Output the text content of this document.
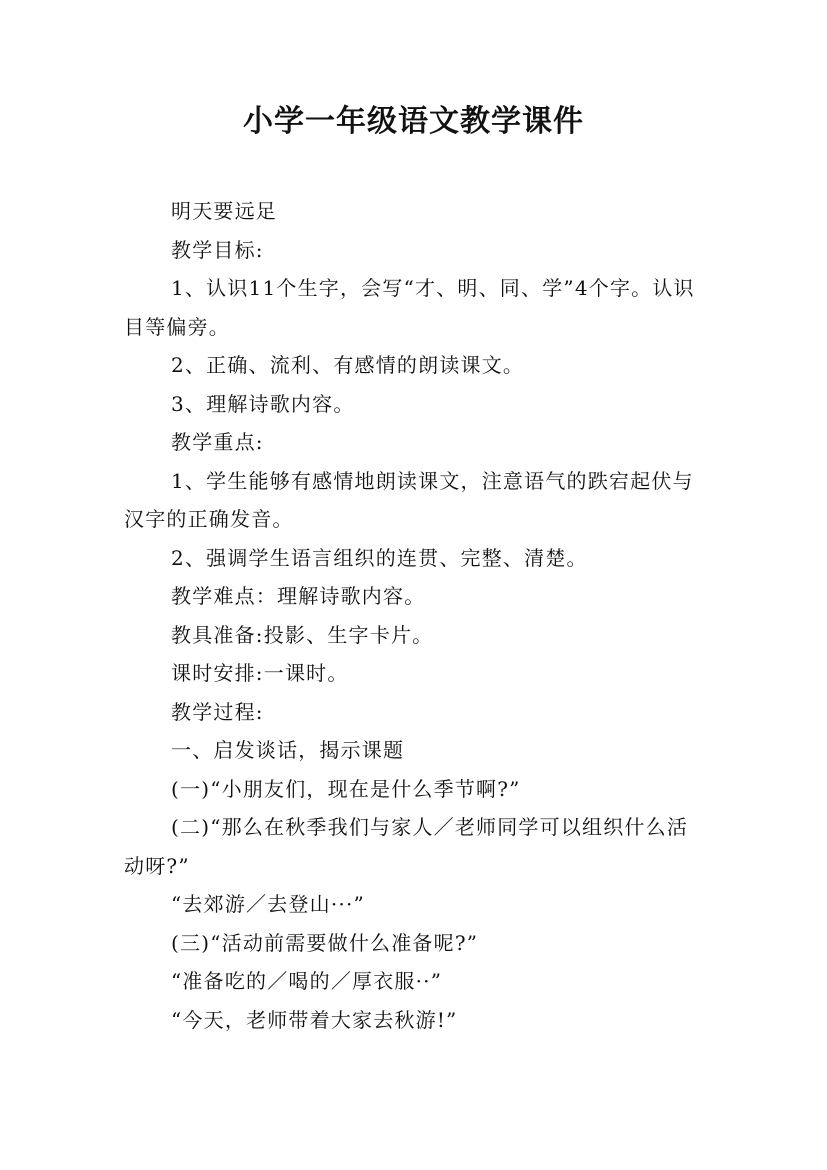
小学一年级语文教学课件

明天要远足

教学目标:

1、认识11个生字，会写“才、明、同、学”4个字。认识目等偏旁。

2、正确、流利、有感情的朗读课文。

3、理解诗歌内容。

教学重点:

1、学生能够有感情地朗读课文，注意语气的跌宕起伏与汉字的正确发音。

2、强调学生语言组织的连贯、完整、清楚。

教学难点：理解诗歌内容。

教具准备:投影、生字卡片。

课时安排:一课时。

教学过程:

一、启发谈话，揭示课题

(一)“小朋友们，现在是什么季节啊?”

(二)“那么在秋季我们与家人／老师同学可以组织什么活动呀?”

“去郊游／去登山···”

(三)“活动前需要做什么准备呢?”

“准备吃的／喝的／厚衣服··”

“今天，老师带着大家去秋游!”
